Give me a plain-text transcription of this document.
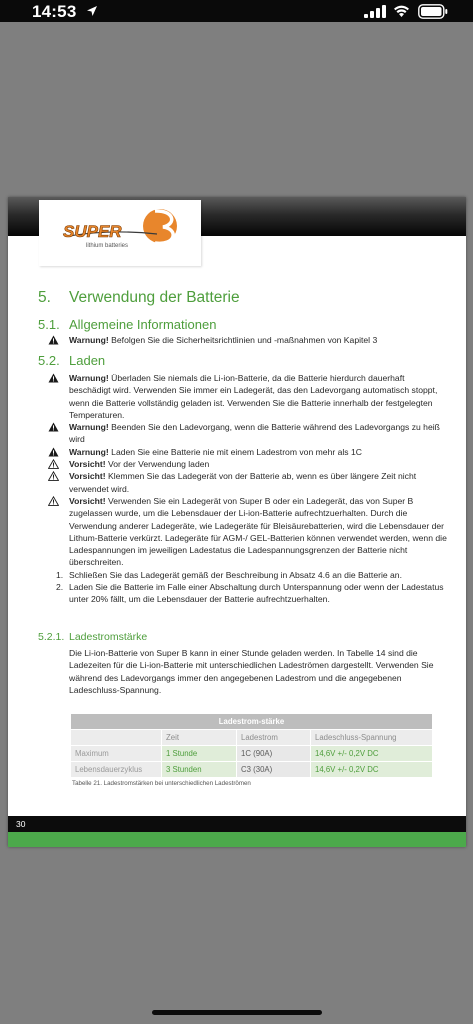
14:53
SUPER
lithium batteries
5. Verwendung der Batterie
5.1. Allgemeine Informationen
Warnung! Befolgen Sie die Sicherheitsrichtlinien und -maßnahmen von Kapitel 3
5.2. Laden
Warnung! Überladen Sie niemals die Li-ion-Batterie, da die Batterie hierdurch dauerhaft beschädigt wird. Verwenden Sie immer ein Ladegerät, das den Ladevorgang automatisch stoppt, wenn die Batterie vollständig geladen ist. Verwenden Sie die Batterie innerhalb der festgelegten Temperaturen.
Warnung! Beenden Sie den Ladevorgang, wenn die Batterie während des Ladevorgangs zu heiß wird
Warnung! Laden Sie eine Batterie nie mit einem Ladestrom von mehr als 1C
Vorsicht! Vor der Verwendung laden
Vorsicht! Klemmen Sie das Ladegerät von der Batterie ab, wenn es über längere Zeit nicht verwendet wird.
Vorsicht! Verwenden Sie ein Ladegerät von Super B oder ein Ladegerät, das von Super B zugelassen wurde, um die Lebensdauer der Li-ion-Batterie aufrechtzuerhalten. Durch die Verwendung anderer Ladegeräte, wie Ladegeräte für Bleisäurebatterien, wird die Lebensdauer der Lithum-Batterie verkürzt. Ladegeräte für AGM-/ GEL-Batterien können verwendet werden, wenn die Ladespannungen im jeweiligen Ladestatus die Ladespannungsgrenzen der Batterie nicht überschreiten.
1. Schließen Sie das Ladegerät gemäß der Beschreibung in Absatz 4.6 an die Batterie an.
2. Laden Sie die Batterie im Falle einer Abschaltung durch Unterspannung oder wenn der Ladestatus unter 20% fällt, um die Lebensdauer der Batterie aufrechtzuerhalten.
5.2.1. Ladestromstärke
Die Li-ion-Batterie von Super B kann in einer Stunde geladen werden. In Tabelle 14 sind die Ladezeiten für die Li-ion-Batterie mit unterschiedlichen Ladeströmen dargestellt. Verwenden Sie während des Ladevorgangs immer den angegebenen Ladestrom und die angegebenen Ladeschluss-Spannung.
Ladestrom-stärke			
	Zeit	Ladestrom	Ladeschluss-Spannung
Maximum	1 Stunde	1C (90A)	14,6V +/- 0,2V DC
Lebensdauerzyklus	3 Stunden	C3 (30A)	14,6V +/- 0,2V DC
Tabelle 21. Ladestromstärken bei unterschiedlichen Ladeströmen
30
